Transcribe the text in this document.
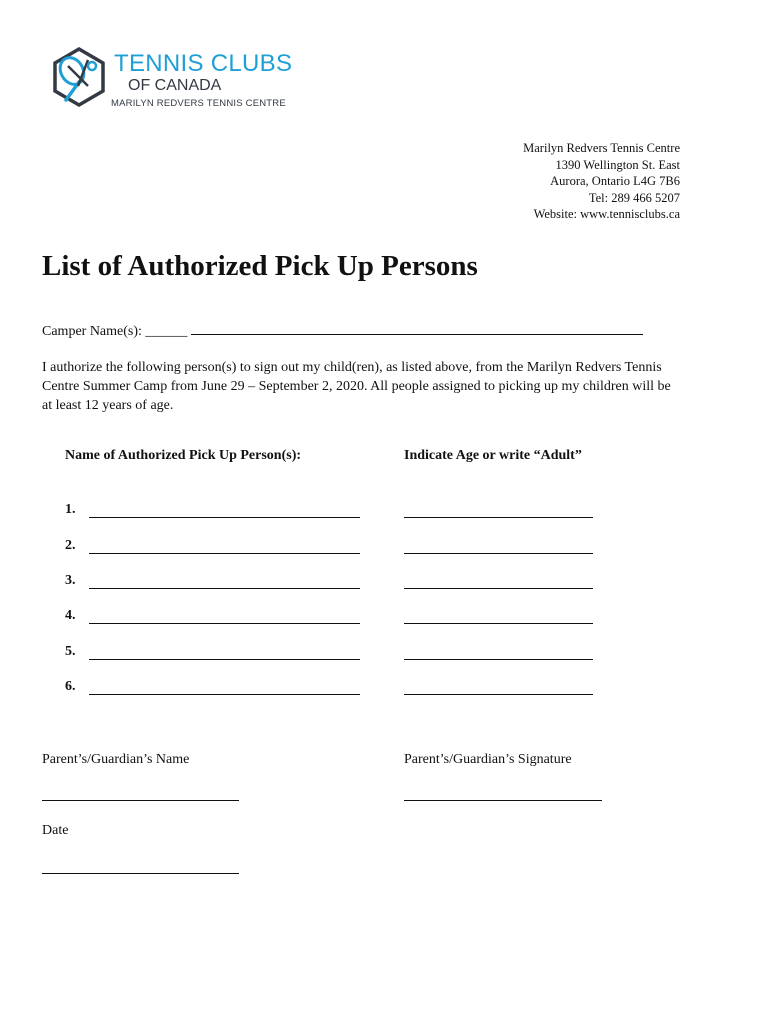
TENNIS CLUBS
OF CANADA
MARILYN REDVERS TENNIS CENTRE
Marilyn Redvers Tennis Centre
1390 Wellington St. East
Aurora, Ontario L4G 7B6
Tel: 289 466 5207
Website: www.tennisclubs.ca
List of Authorized Pick Up Persons
Camper Name(s): ______

I authorize the following person(s) to sign out my child(ren), as listed above, from the Marilyn Redvers Tennis Centre Summer Camp from June 29 – September 2, 2020. All people assigned to picking up my children will be at least 12 years of age.

Name of Authorized Pick Up Person(s):	Indicate Age or write “Adult”
1.
2.
3.
4.
5.
6.
Parent’s/Guardian’s Name	Parent’s/Guardian’s Signature
Date
